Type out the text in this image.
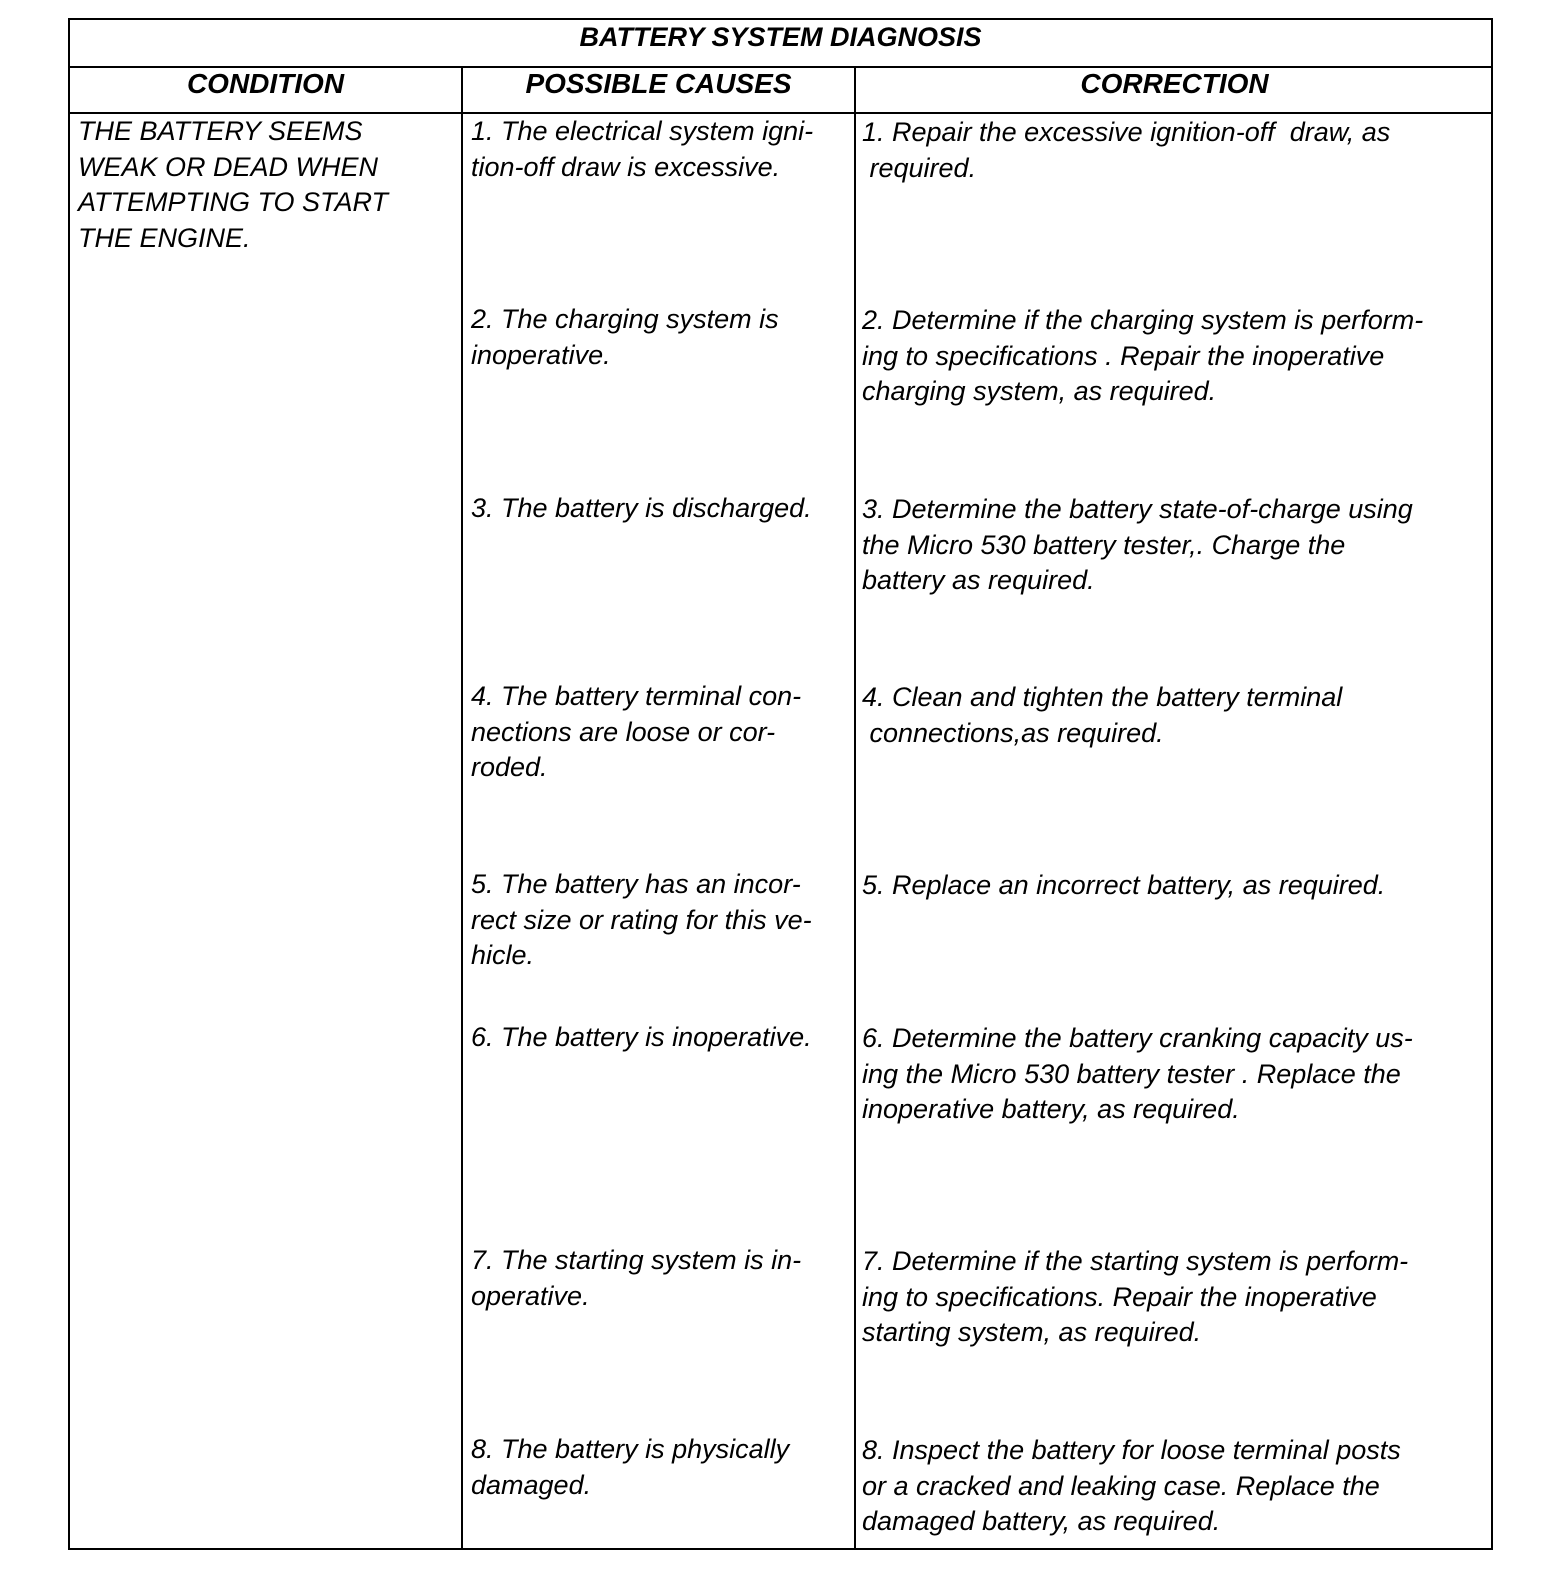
BATTERY SYSTEM DIAGNOSIS
CONDITION	POSSIBLE CAUSES	CORRECTION
THE BATTERY SEEMS
WEAK OR DEAD WHEN
ATTEMPTING TO START
THE ENGINE.
1. The electrical system igni-
tion-off draw is excessive.
1. Repair the excessive ignition-off  draw, as
required.
2. The charging system is
inoperative.
2. Determine if the charging system is perform-
ing to specifications . Repair the inoperative
charging system, as required.
3. The battery is discharged. 3. Determine the battery state-of-charge using
the Micro 530 battery tester,. Charge the
battery as required.
4. The battery terminal con-
nections are loose or cor-
roded.
4. Clean and tighten the battery terminal
connections,as required.
5. The battery has an incor-
rect size or rating for this ve-
hicle.
5. Replace an incorrect battery, as required.
6. The battery is inoperative. 6. Determine the battery cranking capacity us-
ing the Micro 530 battery tester . Replace the
inoperative battery, as required.
7. The starting system is in-
operative.
7. Determine if the starting system is perform-
ing to specifications. Repair the inoperative
starting system, as required.
8. The battery is physically
damaged.
8. Inspect the battery for loose terminal posts
or a cracked and leaking case. Replace the
damaged battery, as required.
